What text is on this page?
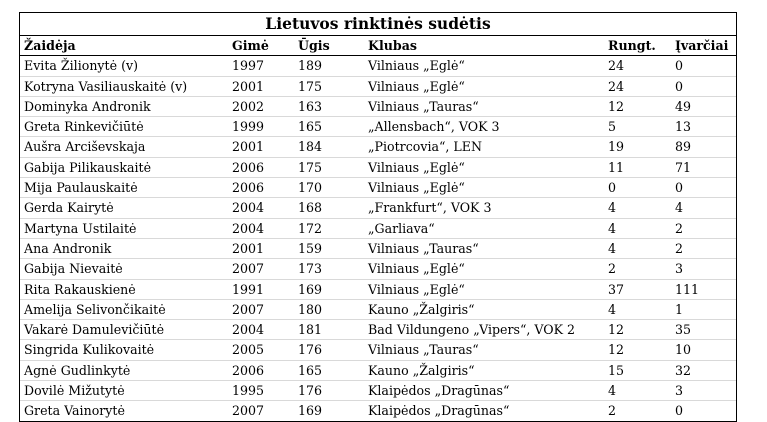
Lietuvos rinktinės sudėtis
Žaidėja	Gimė	Ūgis	Klubas	Rungt.	Įvarčiai
Evita Žilionytė (v)	1997	189	Vilniaus „Eglė“	24	0
Kotryna Vasiliauskaitė (v)	2001	175	Vilniaus „Eglė“	24	0
Dominyka Andronik	2002	163	Vilniaus „Tauras“	12	49
Greta Rinkevičiūtė	1999	165	„Allensbach“, VOK 3	5	13
Aušra Arciševskaja	2001	184	„Piotrcovia“, LEN	19	89
Gabija Pilikauskaitė	2006	175	Vilniaus „Eglė“	11	71
Mija Paulauskaitė	2006	170	Vilniaus „Eglė“	0	0
Gerda Kairytė	2004	168	„Frankfurt“, VOK 3	4	4
Martyna Ustilaitė	2004	172	„Garliava“	4	2
Ana Andronik	2001	159	Vilniaus „Tauras“	4	2
Gabija Nievaitė	2007	173	Vilniaus „Eglė“	2	3
Rita Rakauskienė	1991	169	Vilniaus „Eglė“	37	111
Amelija Selivončikaitė	2007	180	Kauno „Žalgiris“	4	1
Vakarė Damulevičiūtė	2004	181	Bad Vildungeno „Vipers“, VOK 2	12	35
Singrida Kulikovaitė	2005	176	Vilniaus „Tauras“	12	10
Agnė Gudlinkytė	2006	165	Kauno „Žalgiris“	15	32
Dovilė Mižutytė	1995	176	Klaipėdos „Dragūnas“	4	3
Greta Vainorytė	2007	169	Klaipėdos „Dragūnas“	2	0
